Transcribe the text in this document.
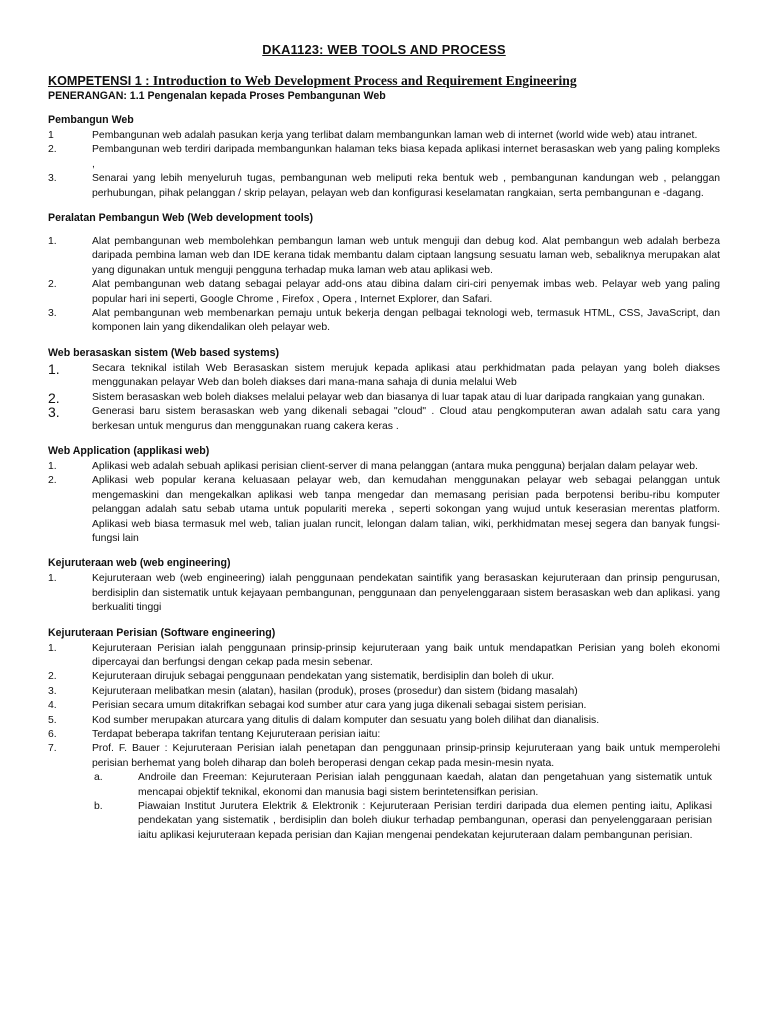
DKA1123: WEB TOOLS AND PROCESS

KOMPETENSI 1 : Introduction to Web Development Process and Requirement Engineering

PENERANGAN: 1.1 Pengenalan kepada Proses Pembangunan Web

Pembangun Web
1	Pembangunan web adalah pasukan kerja yang terlibat dalam membangunkan laman web di internet (world wide web) atau intranet.
2.	Pembangunan web terdiri daripada membangunkan halaman teks biasa kepada aplikasi internet berasaskan web yang paling kompleks ,
3.	Senarai yang lebih menyeluruh tugas, pembangunan web meliputi reka bentuk web , pembangunan kandungan web , pelanggan perhubungan, pihak pelanggan / skrip pelayan, pelayan web dan konfigurasi keselamatan rangkaian, serta pembangunan e -dagang.
Peralatan Pembangun Web (Web development tools)
1.	Alat pembangunan web membolehkan pembangun laman web untuk menguji dan debug kod. Alat pembangun web adalah berbeza daripada pembina laman web dan IDE kerana tidak membantu dalam ciptaan langsung sesuatu laman web, sebaliknya merupakan alat yang digunakan untuk menguji pengguna terhadap muka laman web atau aplikasi web.
2.	Alat pembangunan web datang sebagai pelayar add-ons atau dibina dalam ciri-ciri penyemak imbas web. Pelayar web yang paling popular hari ini seperti, Google Chrome , Firefox , Opera , Internet Explorer, dan Safari.
3.	Alat pembangunan web membenarkan pemaju untuk bekerja dengan pelbagai teknologi web, termasuk HTML, CSS, JavaScript, dan komponen lain yang dikendalikan oleh pelayar web.
Web berasaskan sistem (Web based systems)
1.	Secara teknikal istilah Web Berasaskan sistem merujuk kepada aplikasi atau perkhidmatan pada pelayan yang boleh diakses menggunakan pelayar Web dan boleh diakses dari mana-mana sahaja di dunia melalui Web
2.	Sistem berasaskan web boleh diakses melalui pelayar web dan biasanya di luar tapak atau di luar daripada rangkaian yang gunakan.
3.	Generasi baru sistem berasaskan web yang dikenali sebagai "cloud" . Cloud atau pengkomputeran awan adalah satu cara yang berkesan untuk mengurus dan menggunakan ruang cakera keras .
Web Application (applikasi web)
1.	Aplikasi web adalah sebuah aplikasi perisian client-server di mana pelanggan (antara muka pengguna) berjalan dalam pelayar web.
2.	Aplikasi web popular kerana keluasaan pelayar web, dan kemudahan menggunakan pelayar web sebagai pelanggan untuk mengemaskini dan mengekalkan aplikasi web tanpa mengedar dan memasang perisian pada berpotensi beribu-ribu komputer pelanggan adalah satu sebab utama untuk populariti mereka , seperti sokongan yang wujud untuk keserasian merentas platform. Aplikasi web biasa termasuk mel web, talian jualan runcit, lelongan dalam talian, wiki, perkhidmatan mesej segera dan banyak fungsi-fungsi lain
Kejuruteraan web (web engineering)
1.	Kejuruteraan web (web engineering) ialah penggunaan pendekatan saintifik yang berasaskan kejuruteraan dan prinsip pengurusan, berdisiplin dan sistematik untuk kejayaan pembangunan, penggunaan dan penyelenggaraan sistem berasaskan web dan aplikasi. yang berkualiti tinggi
Kejuruteraan Perisian (Software engineering)
1.	Kejuruteraan Perisian ialah penggunaan prinsip-prinsip kejuruteraan yang baik untuk mendapatkan Perisian yang boleh ekonomi dipercayai dan berfungsi dengan cekap pada mesin sebenar.
2.	Kejuruteraan dirujuk sebagai penggunaan pendekatan yang sistematik, berdisiplin dan boleh di ukur.
3.	Kejuruteraan melibatkan mesin (alatan), hasilan (produk), proses (prosedur) dan sistem (bidang masalah)
4.	Perisian secara umum ditakrifkan sebagai kod sumber atur cara yang juga dikenali sebagai sistem perisian.
5.	Kod sumber merupakan aturcara yang ditulis di dalam komputer dan sesuatu yang boleh dilihat dan dianalisis.
6.	Terdapat beberapa takrifan tentang Kejuruteraan perisian iaitu:
7.	Prof. F. Bauer : Kejuruteraan Perisian ialah penetapan dan penggunaan prinsip-prinsip kejuruteraan yang baik untuk memperolehi perisian berhemat yang boleh diharap dan boleh beroperasi dengan cekap pada mesin-mesin nyata.
a.	Androile dan Freeman: Kejuruteraan Perisian ialah penggunaan kaedah, alatan dan pengetahuan yang sistematik untuk mencapai objektif teknikal, ekonomi dan manusia bagi sistem berintetensifkan perisian.
b.	Piawaian Institut Jurutera Elektrik & Elektronik : Kejuruteraan Perisian terdiri daripada dua elemen penting iaitu, Aplikasi pendekatan yang sistematik , berdisiplin dan boleh diukur terhadap pembangunan, operasi dan penyelenggaraan perisian iaitu aplikasi kejuruteraan kepada perisian dan Kajian mengenai pendekatan kejuruteraan dalam pembangunan perisian.
